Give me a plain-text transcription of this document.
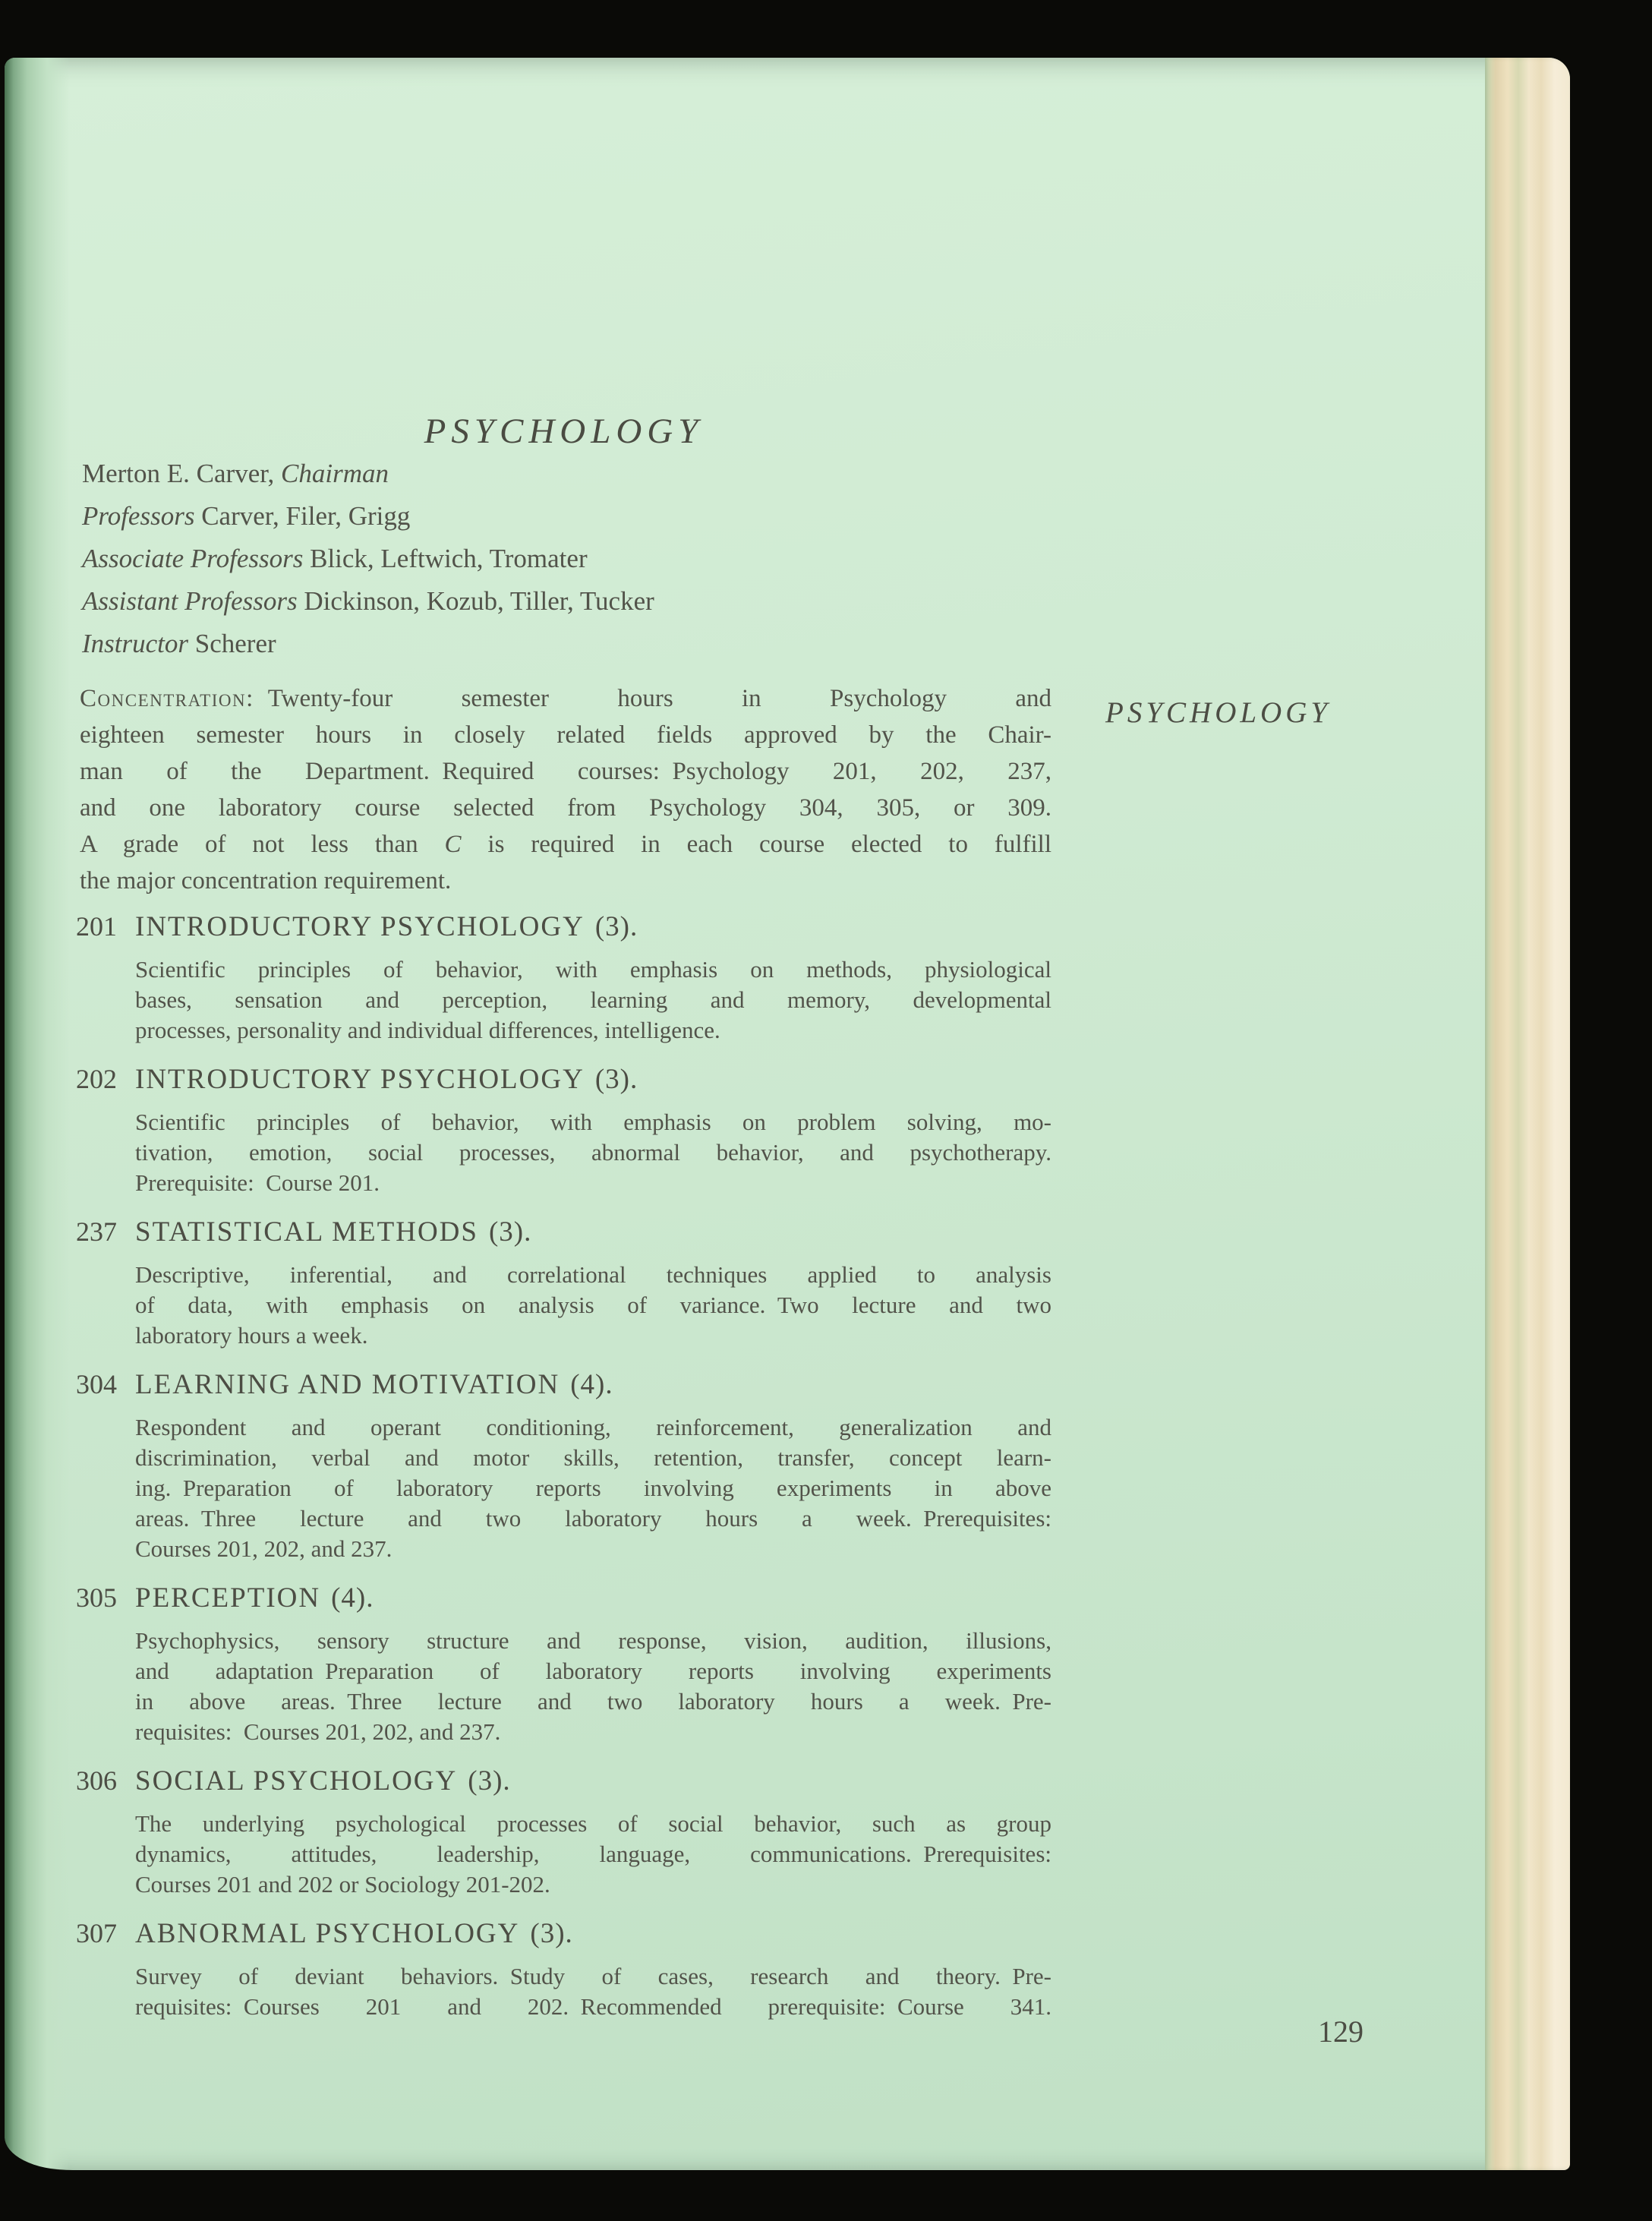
PSYCHOLOGY
129
PSYCHOLOGY
Merton E. Carver, Chairman
Professors Carver, Filer, Grigg
Associate Professors Blick, Leftwich, Tromater
Assistant Professors Dickinson, Kozub, Tiller, Tucker
Instructor Scherer
Concentration: Twenty-four semester hours in Psychology and
eighteen semester hours in closely related fields approved by the Chair-
man of the Department. Required courses: Psychology 201, 202, 237,
and one laboratory course selected from Psychology 304, 305, or 309.
A grade of not less than C is required in each course elected to fulfill
the major concentration requirement.
201 INTRODUCTORY PSYCHOLOGY (3).
Scientific principles of behavior, with emphasis on methods, physiological
bases, sensation and perception, learning and memory, developmental
processes, personality and individual differences, intelligence.
202 INTRODUCTORY PSYCHOLOGY (3).
Scientific principles of behavior, with emphasis on problem solving, mo-
tivation, emotion, social processes, abnormal behavior, and psychotherapy.
Prerequisite: Course 201.
237 STATISTICAL METHODS (3).
Descriptive, inferential, and correlational techniques applied to analysis
of data, with emphasis on analysis of variance. Two lecture and two
laboratory hours a week.
304 LEARNING AND MOTIVATION (4).
Respondent and operant conditioning, reinforcement, generalization and
discrimination, verbal and motor skills, retention, transfer, concept learn-
ing. Preparation of laboratory reports involving experiments in above
areas. Three lecture and two laboratory hours a week. Prerequisites:
Courses 201, 202, and 237.
305 PERCEPTION (4).
Psychophysics, sensory structure and response, vision, audition, illusions,
and adaptation Preparation of laboratory reports involving experiments
in above areas. Three lecture and two laboratory hours a week. Pre-
requisites: Courses 201, 202, and 237.
306 SOCIAL PSYCHOLOGY (3).
The underlying psychological processes of social behavior, such as group
dynamics, attitudes, leadership, language, communications. Prerequisites:
Courses 201 and 202 or Sociology 201-202.
307 ABNORMAL PSYCHOLOGY (3).
Survey of deviant behaviors. Study of cases, research and theory. Pre-
requisites: Courses 201 and 202. Recommended prerequisite: Course 341.
